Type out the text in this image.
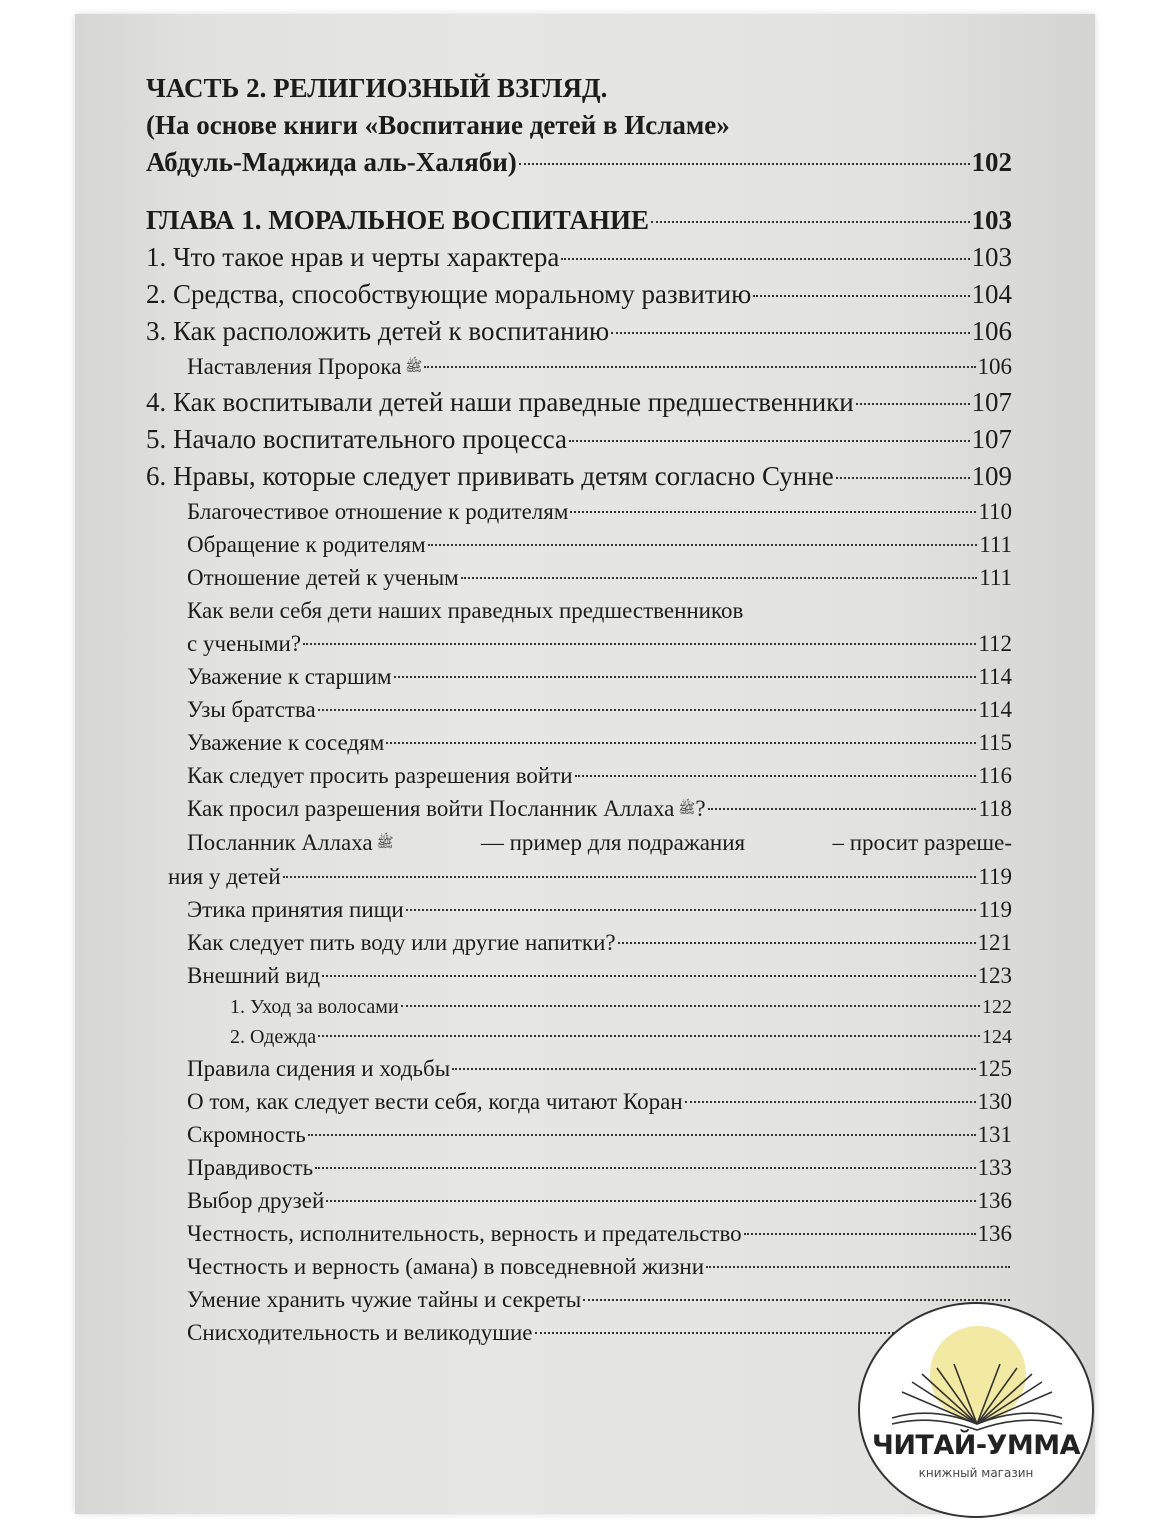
ЧАСТЬ 2. РЕЛИГИОЗНЫЙ ВЗГЛЯД.
(На основе книги «Воспитание детей в Исламе»
Абдуль-Маджида аль-Халяби)	102
ГЛАВА 1. МОРАЛЬНОЕ ВОСПИТАНИЕ	103
1. Что такое нрав и черты характера	103
2. Средства, способствующие моральному развитию	104
3. Как расположить детей к воспитанию	106
Наставления Пророка ﷺ	106
4. Как воспитывали детей наши праведные предшественники	107
5. Начало воспитательного процесса	107
6. Нравы, которые следует прививать детям согласно Сунне	109
Благочестивое отношение к родителям	110
Обращение к родителям	111
Отношение детей к ученым	111
Как вели себя дети наших праведных предшественников
с учеными?	112
Уважение к старшим	114
Узы братства	114
Уважение к соседям	115
Как следует просить разрешения войти	116
Как просил разрешения войти Посланник Аллаха ﷺ?	118
Посланник Аллаха ﷺ	— пример для подражания	– просит разреше-
ния у детей	119
Этика принятия пищи	119
Как следует пить воду или другие напитки?	121
Внешний вид	123
1. Уход за волосами	122
2. Одежда	124
Правила сидения и ходьбы	125
О том, как следует вести себя, когда читают Коран	130
Скромность	131
Правдивость	133
Выбор друзей	136
Честность, исполнительность, верность и предательство	136
Честность и верность (амана) в повседневной жизни
Умение хранить чужие тайны и секреты
Снисходительность и великодушие
ЧИТАЙ-УММА
книжный магазин
